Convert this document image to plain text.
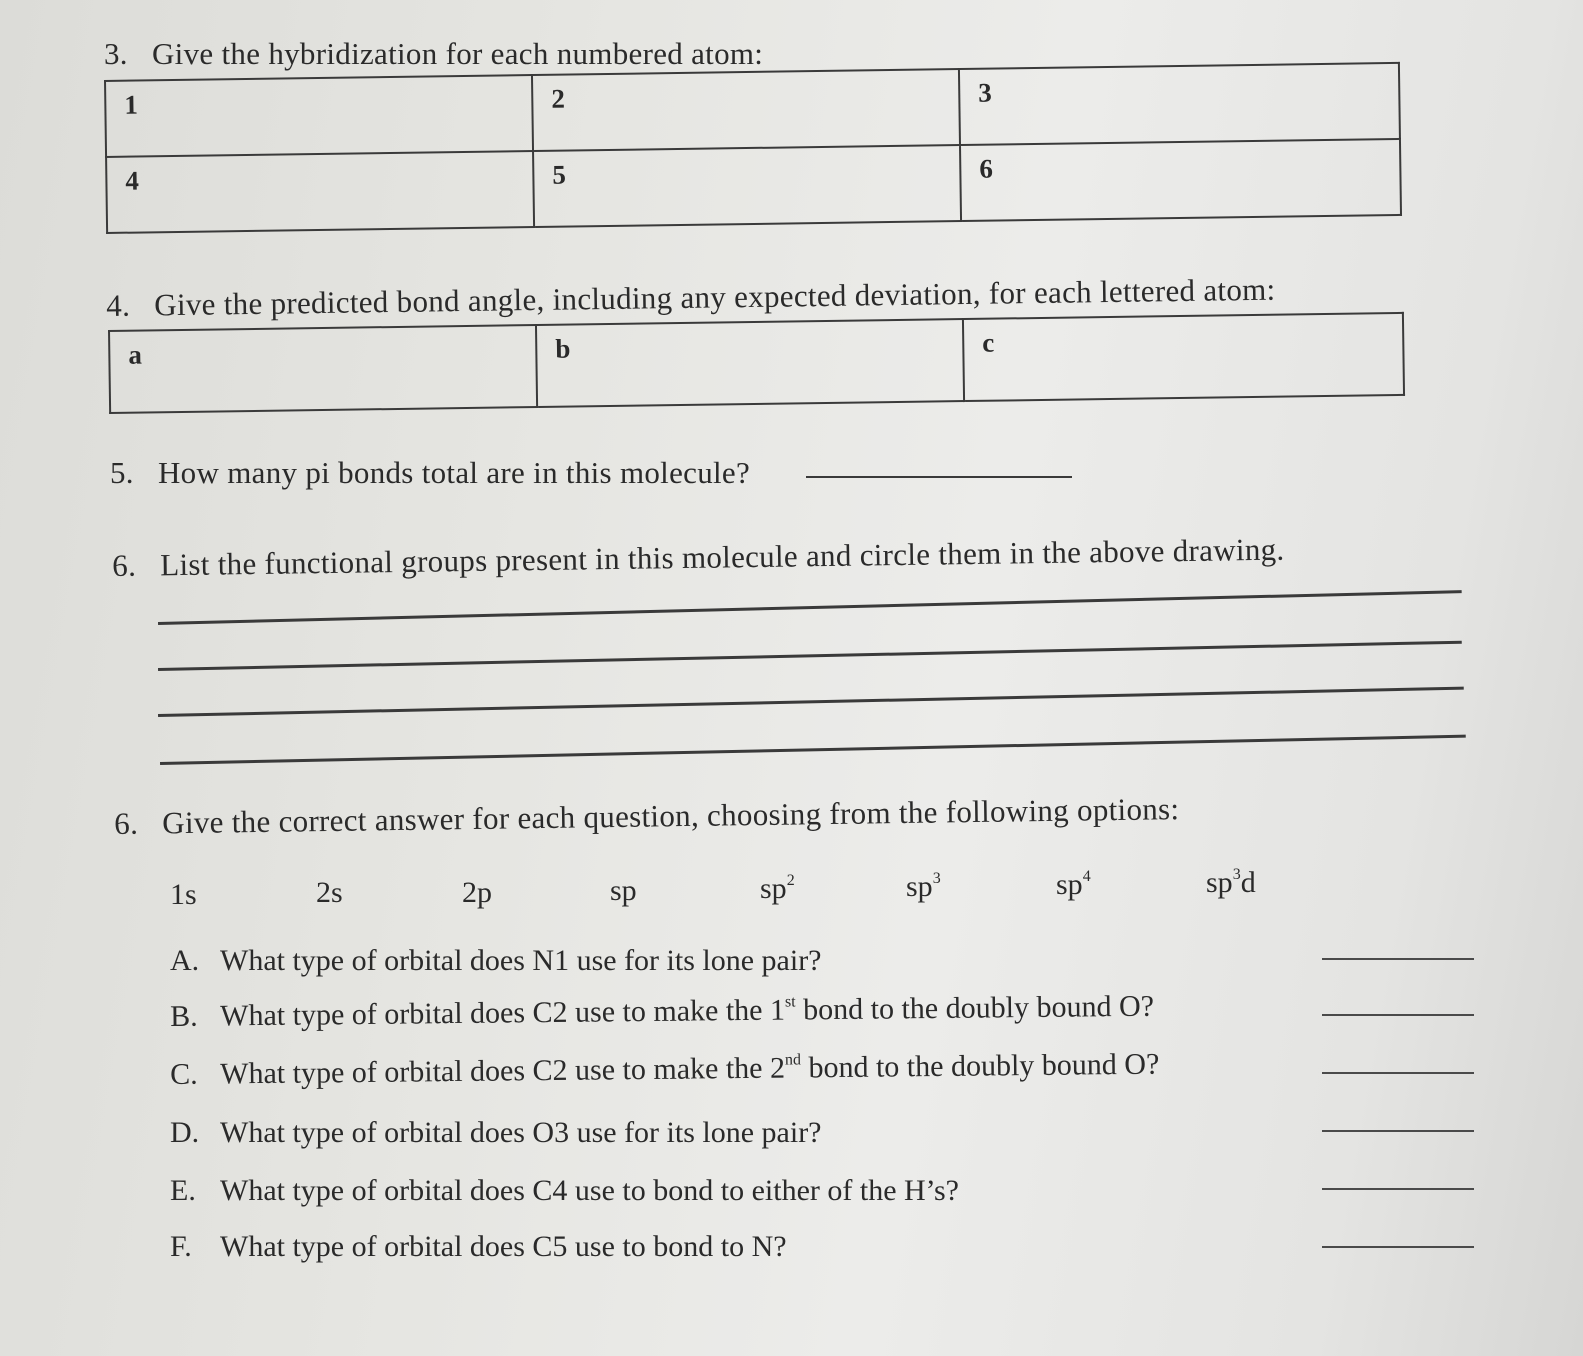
3. Give the hybridization for each numbered atom:
1	2	3
4	5	6
4. Give the predicted bond angle, including any expected deviation, for each lettered atom:
a	b	c
5. How many pi bonds total are in this molecule?
6. List the functional groups present in this molecule and circle them in the above drawing.
6. Give the correct answer for each question, choosing from the following options:
1s	2s	2p	sp	$sp^2$	$sp^3$	$sp^4$	$sp^3d$
A. What type of orbital does N1 use for its lone pair?
B. What type of orbital does C2 use to make the 1st bond to the doubly bound O?
C. What type of orbital does C2 use to make the 2nd bond to the doubly bound O?
D. What type of orbital does O3 use for its lone pair?
E. What type of orbital does C4 use to bond to either of the H’s?
F. What type of orbital does C5 use to bond to N?
